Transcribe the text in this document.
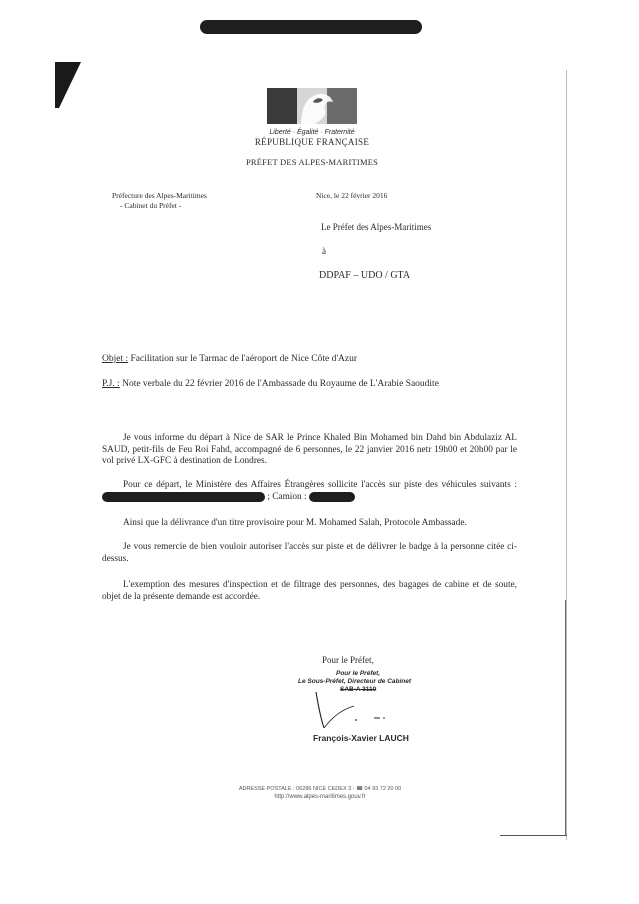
Liberté · Égalité · Fraternité
RÉPUBLIQUE FRANÇAISE
PRÉFET DES ALPES-MARITIMES
Préfecture des Alpes-Maritimes
- Cabinet du Préfet -
Nice, le 22 février 2016
Le Préfet des Alpes-Maritimes
à
DDPAF – UDO / GTA
Objet : Facilitation sur le Tarmac de l'aéroport de Nice Côte d'Azur
P.J. : Note verbale du 22 février 2016 de l'Ambassade du Royaume de L'Arabie Saoudite
Je vous informe du départ à Nice de SAR le Prince Khaled Bin Mohamed bin Dahd bin Abdulaziz AL SAUD, petit-fils de Feu Roi Fahd, accompagné de 6 personnes, le 22 janvier 2016 netr 19h00 et 20h00 par le vol privé LX-GFC à destination de Londres.
Pour ce départ, le Ministère des Affaires Étrangères sollicite l'accès sur piste des véhicules suivants :  ; Camion :
Ainsi que la délivrance d'un titre provisoire pour M. Mohamed Salah, Protocole Ambassade.
Je vous remercie de bien vouloir autoriser l'accès sur piste et de délivrer le badge à la personne citée ci-dessus.
L'exemption des mesures d'inspection et de filtrage des personnes, des bagages de cabine et de soute, objet de la présente demande est accordée.
Pour le Préfet,
Pour le Préfet,
Le Sous-Préfet, Directeur de Cabinet
SAB-A 3110
François-Xavier LAUCH
ADRESSE POSTALE : 06286 NICE CEDEX 3 - ☎ 04 93 72 20 00
http://www.alpes-maritimes.gouv.fr
